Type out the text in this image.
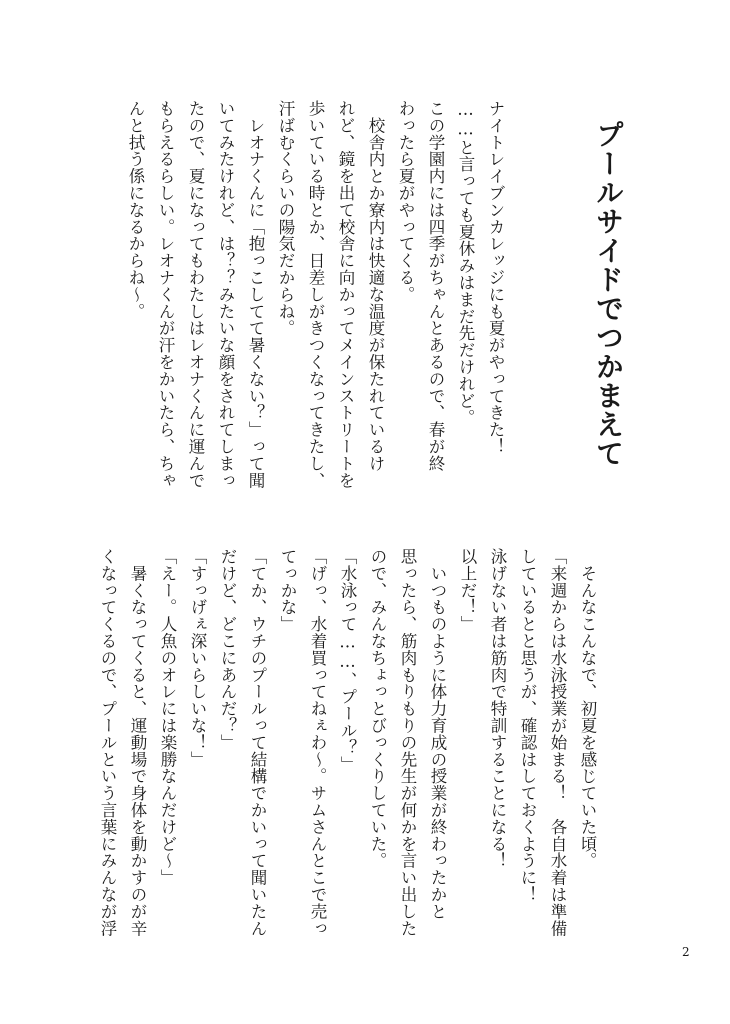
プールサイドでつかまえて
ナイトレイブンカレッジにも夏がやってきた！
……と言っても夏休みはまだ先だけれど。
この学園内には四季がちゃんとあるので、春が終
わったら夏がやってくる。
　校舎内とか寮内は快適な温度が保たれているけ
れど、鏡を出て校舎に向かってメインストリートを
歩いている時とか、日差しがきつくなってきたし、
汗ばむくらいの陽気だからね。
　レオナくんに「抱っこしてて暑くない？」って聞
いてみたけれど、は？？みたいな顔をされてしまっ
たので、夏になってもわたしはレオナくんに運んで
もらえるらしい。レオナくんが汗をかいたら、ちゃ
んと拭う係になるからね〜。
　そんなこんなで、初夏を感じていた頃。
「来週からは水泳授業が始まる！　各自水着は準備
しているとと思うが、確認はしておくように！
泳げない者は筋肉で特訓することになる！
以上だ！」
　いつものように体力育成の授業が終わったかと
思ったら、筋肉もりもりの先生が何かを言い出した
ので、みんなちょっとびっくりしていた。
「水泳って……、プール？」
「げっ、水着買ってねぇわ〜。サムさんとこで売っ
てっかな」
「てか、ウチのプールって結構でかいって聞いたん
だけど、どこにあんだ？」
「すっげぇ深いらしいな！」
「えー。人魚のオレには楽勝なんだけど〜」
　暑くなってくると、運動場で身体を動かすのが辛
くなってくるので、プールという言葉にみんなが浮
2
